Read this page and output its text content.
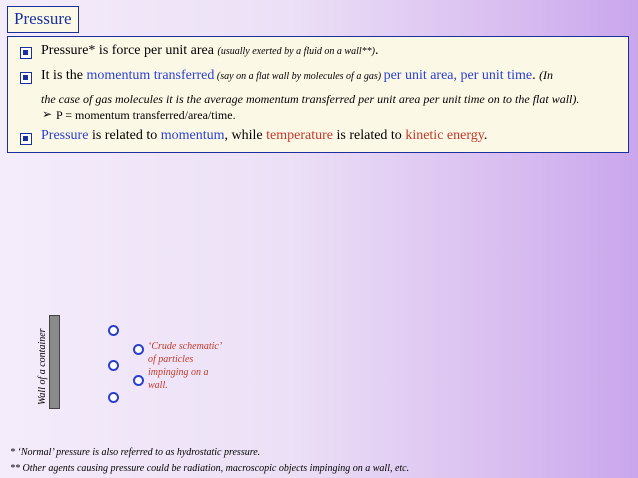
Pressure
Pressure* is force per unit area (usually exerted by a fluid on a wall**).
It is the momentum transferred (say on a flat wall by molecules of a gas) per unit area, per unit time. (In
the case of gas molecules it is the average momentum transferred per unit area per unit time on to the flat wall).
➢ P = momentum transferred/area/time.
Pressure is related to momentum, while temperature is related to kinetic energy.
Wall of a container	‘Crude schematic’
of particles
impinging on a
wall.
* ‘Normal’ pressure is also referred to as hydrostatic pressure.
** Other agents causing pressure could be radiation, macroscopic objects impinging on a wall, etc.
